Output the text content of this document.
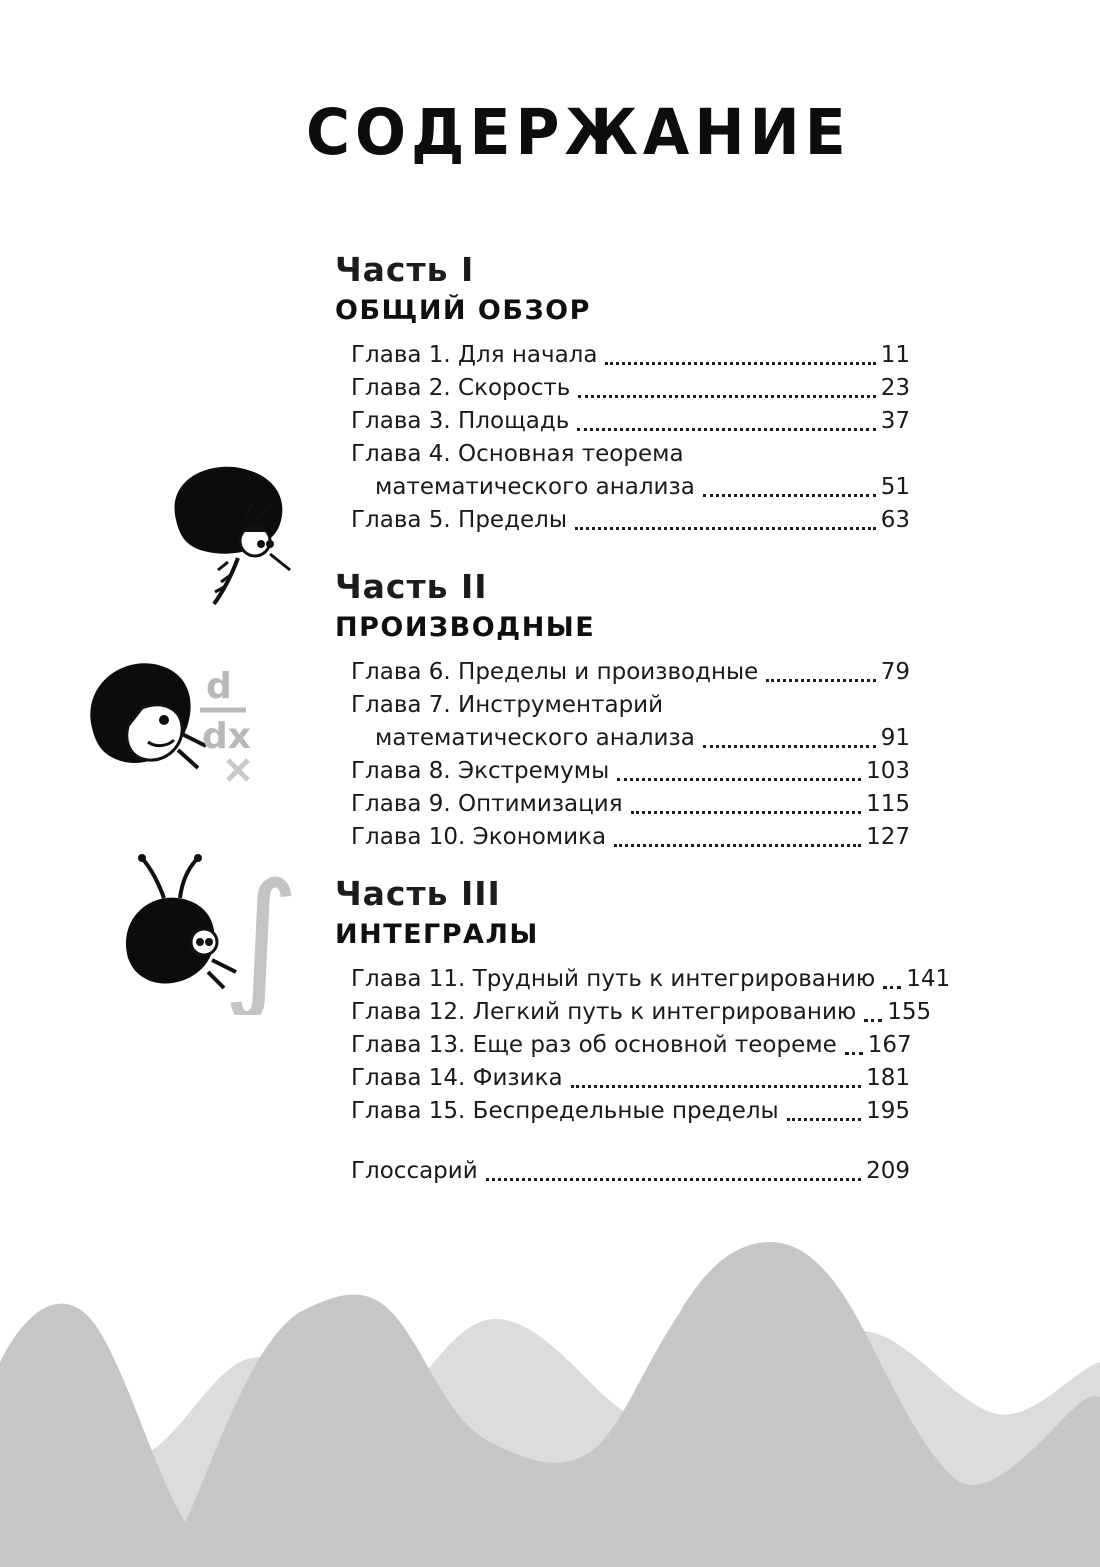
СОДЕРЖАНИЕ
Часть I
ОБЩИЙ ОБЗОР
Глава 1. Для начала	11
Глава 2. Скорость	23
Глава 3. Площадь	37
Глава 4. Основная теорема
математического анализа	51
Глава 5. Пределы	63
Часть II
ПРОИЗВОДНЫЕ
Глава 6. Пределы и производные	79
Глава 7. Инструментарий
математического анализа	91
Глава 8. Экстремумы	103
Глава 9. Оптимизация	115
Глава 10. Экономика	127
Часть III
ИНТЕГРАЛЫ
Глава 11. Трудный путь к интегрированию 141
Глава 12. Легкий путь к интегрированию 155
Глава 13. Еще раз об основной теореме 167
Глава 14. Физика	181
Глава 15. Беспредельные пределы	195
Глоссарий	209
d
dx
∫
